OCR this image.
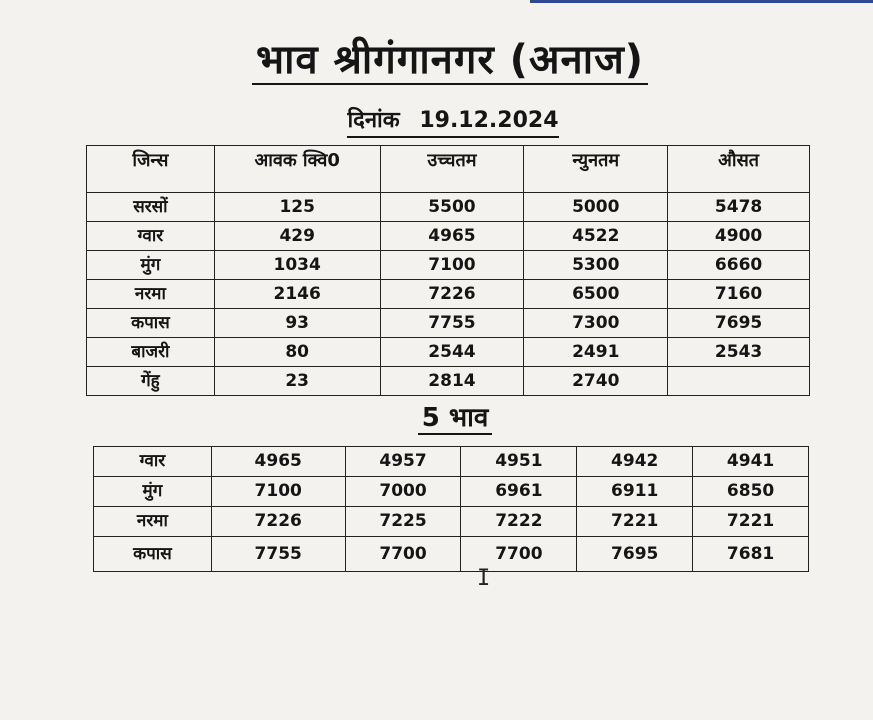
भाव श्रीगंगानगर (अनाज)
दिनांक 19.12.2024
जिन्स	आवक क्वि0	उच्चतम	न्युनतम	औसत
सरसों	125	5500	5000	5478
ग्वार	429	4965	4522	4900
मुंग	1034	7100	5300	6660
नरमा	2146	7226	6500	7160
कपास	93	7755	7300	7695
बाजरी	80	2544	2491	2543
गेंहु	23	2814	2740	
5 भाव
ग्वार	4965	4957	4951	4942	4941
मुंग	7100	7000	6961	6911	6850
नरमा	7226	7225	7222	7221	7221
कपास	7755	7700	7700	7695	7681
I
